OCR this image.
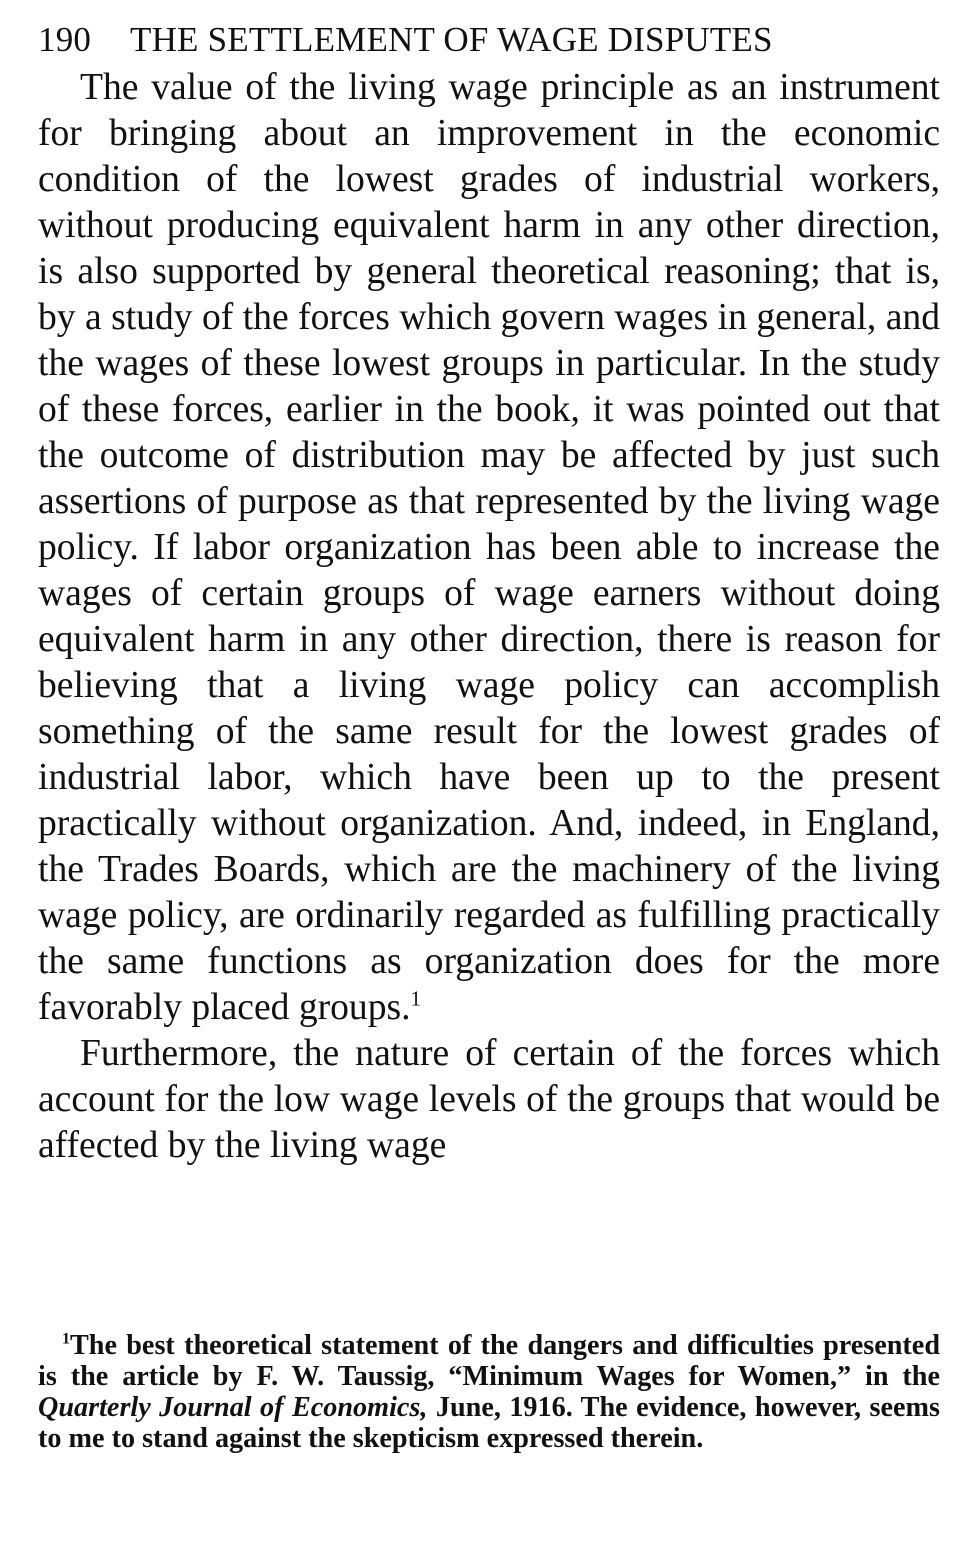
190	THE SETTLEMENT OF WAGE DISPUTES

The value of the living wage principle as an instrument for bringing about an improvement in the economic condition of the lowest grades of industrial workers, without producing equivalent harm in any other direction, is also supported by general theoretical reasoning; that is, by a study of the forces which govern wages in general, and the wages of these lowest groups in particular. In the study of these forces, earlier in the book, it was pointed out that the outcome of distribution may be affected by just such assertions of purpose as that represented by the living wage policy. If labor organization has been able to increase the wages of certain groups of wage earners without doing equivalent harm in any other direction, there is reason for believing that a living wage policy can accomplish something of the same result for the lowest grades of industrial labor, which have been up to the present practically without organization. And, indeed, in England, the Trades Boards, which are the machinery of the living wage policy, are ordinarily regarded as fulfilling practically the same functions as organization does for the more favorably placed groups.$^1$

Furthermore, the nature of certain of the forces which account for the low wage levels of the groups that would be affected by the living wage

$^1$The best theoretical statement of the dangers and difficulties presented is the article by F. W. Taussig, “Minimum Wages for Women,” in the Quarterly Journal of Economics, June, 1916. The evidence, however, seems to me to stand against the skepticism expressed therein.
